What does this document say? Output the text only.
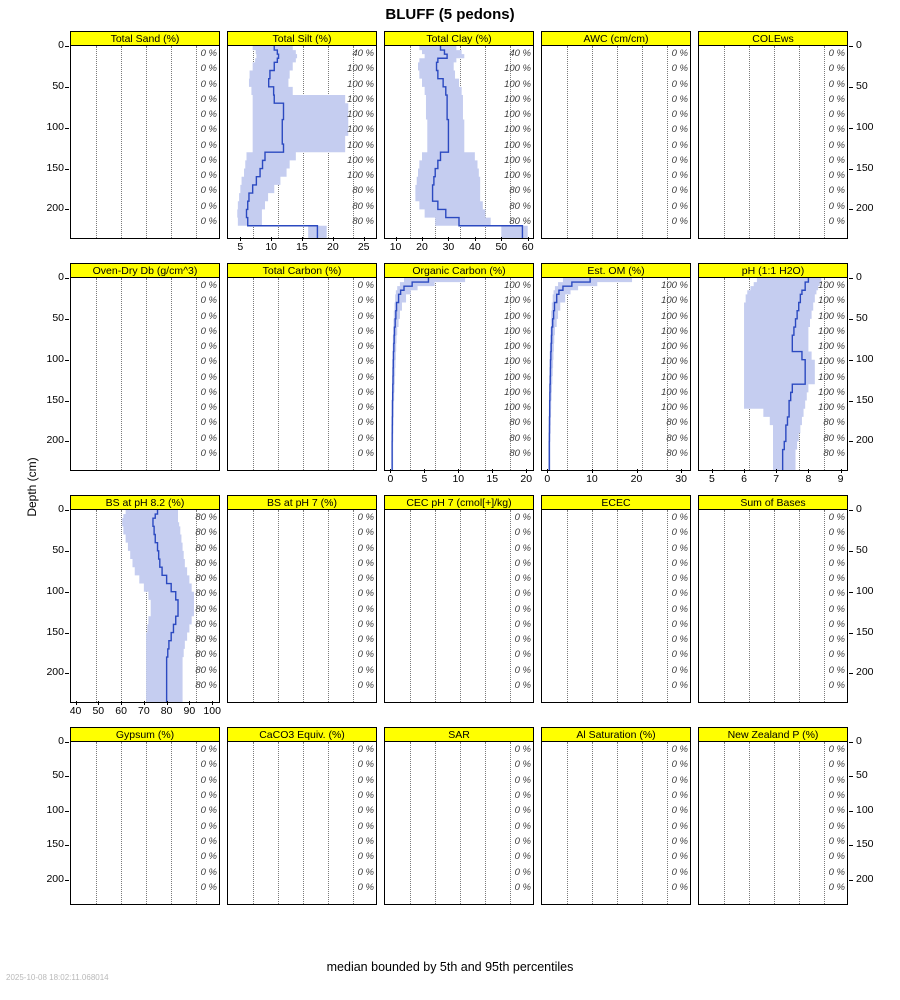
BLUFF (5 pedons)
Depth (cm)
median bounded by 5th and 95th percentiles
2025-10-08 18:02:11.068014
Total Sand (%)
0 %
0 %
0 %
0 %
0 %
0 %
0 %
0 %
0 %
0 %
0 %
0 %
Total Silt (%)
40 %
100 %
100 %
100 %
100 %
100 %
100 %
100 %
100 %
80 %
80 %
80 %
5 10 15 20 25
Total Clay (%)
40 %
100 %
100 %
100 %
100 %
100 %
100 %
100 %
100 %
80 %
80 %
80 %
10 20 30 40 50 60
AWC (cm/cm)
0 %
0 %
0 %
0 %
0 %
0 %
0 %
0 %
0 %
0 %
0 %
0 %
COLEws
0 %
0 %
0 %
0 %
0 %
0 %
0 %
0 %
0 %
0 %
0 %
0 %
Oven-Dry Db (g/cm^3)
0 %
0 %
0 %
0 %
0 %
0 %
0 %
0 %
0 %
0 %
0 %
0 %
Total Carbon (%)
0 %
0 %
0 %
0 %
0 %
0 %
0 %
0 %
0 %
0 %
0 %
0 %
Organic Carbon (%)
100 %
100 %
100 %
100 %
100 %
100 %
100 %
100 %
100 %
80 %
80 %
80 %
0	5 10 15 20
Est. OM (%)
100 %
100 %
100 %
100 %
100 %
100 %
100 %
100 %
100 %
80 %
80 %
80 %
0	10	20	30
pH (1:1 H2O)
100 %
100 %
100 %
100 %
100 %
100 %
100 %
100 %
100 %
80 %
80 %
80 %
5	6	7	8	9
BS at pH 8.2 (%)
80 %
80 %
80 %
80 %
80 %
80 %
80 %
80 %
80 %
80 %
80 %
80 %
40 50 60 70 80 90 100
BS at pH 7 (%)
0 %
0 %
0 %
0 %
0 %
0 %
0 %
0 %
0 %
0 %
0 %
0 %
CEC pH 7 (cmol[+]/kg)
0 %
0 %
0 %
0 %
0 %
0 %
0 %
0 %
0 %
0 %
0 %
0 %
ECEC
0 %
0 %
0 %
0 %
0 %
0 %
0 %
0 %
0 %
0 %
0 %
0 %
Sum of Bases
0 %
0 %
0 %
0 %
0 %
0 %
0 %
0 %
0 %
0 %
0 %
0 %
Gypsum (%)
0 %
0 %
0 %
0 %
0 %
0 %
0 %
0 %
0 %
0 %
CaCO3 Equiv. (%)
0 %
0 %
0 %
0 %
0 %
0 %
0 %
0 %
0 %
0 %
SAR
0 %
0 %
0 %
0 %
0 %
0 %
0 %
0 %
0 %
0 %
Al Saturation (%)
0 %
0 %
0 %
0 %
0 %
0 %
0 %
0 %
0 %
0 %
New Zealand P (%)
0 %
0 %
0 %
0 %
0 %
0 %
0 %
0 %
0 %
0 %
0	0
50	50
100	100
150	150
200	200
0	0
50	50
100	100
150	150
200	200
0	0
50	50
100	100
150	150
200	200
0	0
50	50
100	100
150	150
200	200
